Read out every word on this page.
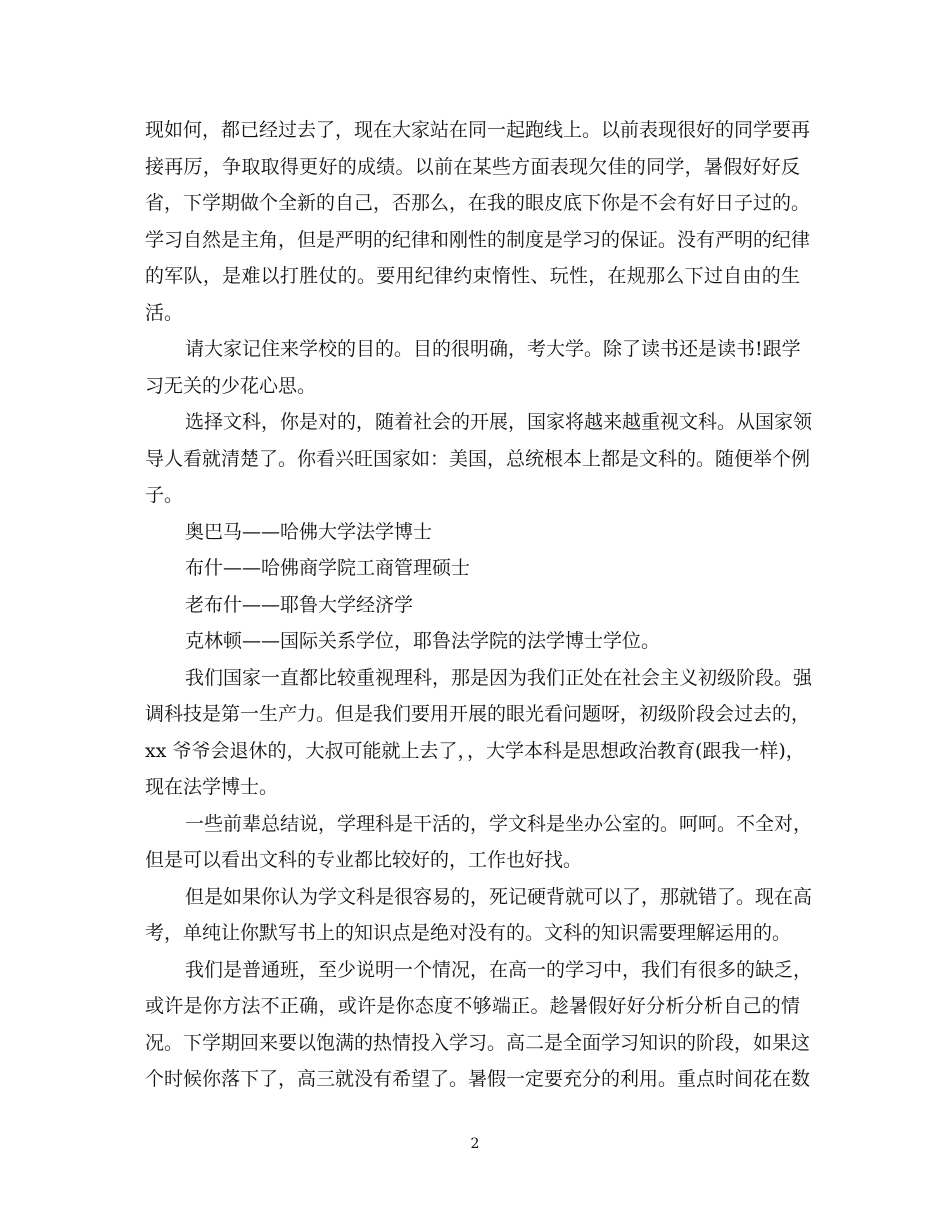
现如何，都已经过去了，现在大家站在同一起跑线上。以前表现很好的同学要再
接再厉，争取取得更好的成绩。以前在某些方面表现欠佳的同学，暑假好好反
省，下学期做个全新的自己，否那么，在我的眼皮底下你是不会有好日子过的。
学习自然是主角，但是严明的纪律和刚性的制度是学习的保证。没有严明的纪律
的军队，是难以打胜仗的。要用纪律约束惰性、玩性，在规那么下过自由的生
活。
请大家记住来学校的目的。目的很明确，考大学。除了读书还是读书!跟学
习无关的少花心思。
选择文科，你是对的，随着社会的开展，国家将越来越重视文科。从国家领
导人看就清楚了。你看兴旺国家如：美国，总统根本上都是文科的。随便举个例
子。
奥巴马——哈佛大学法学博士
布什——哈佛商学院工商管理硕士
老布什——耶鲁大学经济学
克林顿——国际关系学位，耶鲁法学院的法学博士学位。
我们国家一直都比较重视理科，那是因为我们正处在社会主义初级阶段。强
调科技是第一生产力。但是我们要用开展的眼光看问题呀，初级阶段会过去的，
xx 爷爷会退休的，大叔可能就上去了，，大学本科是思想政治教育(跟我一样)，
现在法学博士。
一些前辈总结说，学理科是干活的，学文科是坐办公室的。呵呵。不全对，
但是可以看出文科的专业都比较好的，工作也好找。
但是如果你认为学文科是很容易的，死记硬背就可以了，那就错了。现在高
考，单纯让你默写书上的知识点是绝对没有的。文科的知识需要理解运用的。
我们是普通班，至少说明一个情况，在高一的学习中，我们有很多的缺乏，
或许是你方法不正确，或许是你态度不够端正。趁暑假好好分析分析自己的情
况。下学期回来要以饱满的热情投入学习。高二是全面学习知识的阶段，如果这
个时候你落下了，高三就没有希望了。暑假一定要充分的利用。重点时间花在数
2
